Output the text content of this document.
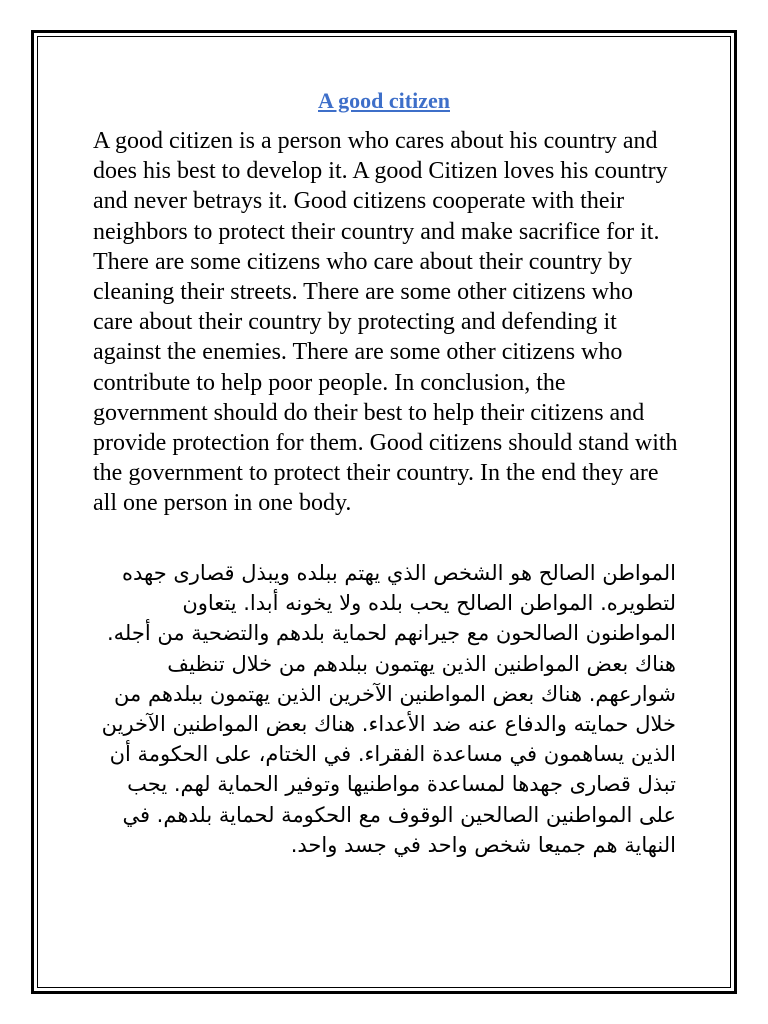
A good citizen

A good citizen is a person who cares about his country and does his best to develop it. A good Citizen loves his country and never betrays it. Good citizens cooperate with their neighbors to protect their country and make sacrifice for it. There are some citizens who care about their country by cleaning their streets. There are some other citizens who care about their country by protecting and defending it against the enemies. There are some other citizens who contribute to help poor people. In conclusion, the government should do their best to help their citizens and provide protection for them. Good citizens should stand with the government to protect their country. In the end they are all one person in one body.

المواطن الصالح هو الشخص الذي يهتم ببلده ويبذل قصارى جهده لتطويره. المواطن الصالح يحب بلده ولا يخونه أبدا. يتعاون المواطنون الصالحون مع جيرانهم لحماية بلدهم والتضحية من أجله. هناك بعض المواطنين الذين يهتمون ببلدهم من خلال تنظيف شوارعهم. هناك بعض المواطنين الآخرين الذين يهتمون ببلدهم من خلال حمايته والدفاع عنه ضد الأعداء. هناك بعض المواطنين الآخرين الذين يساهمون في مساعدة الفقراء. في الختام، على الحكومة أن تبذل قصارى جهدها لمساعدة مواطنيها وتوفير الحماية لهم. يجب على المواطنين الصالحين الوقوف مع الحكومة لحماية بلدهم. في النهاية هم جميعا شخص واحد في جسد واحد.
